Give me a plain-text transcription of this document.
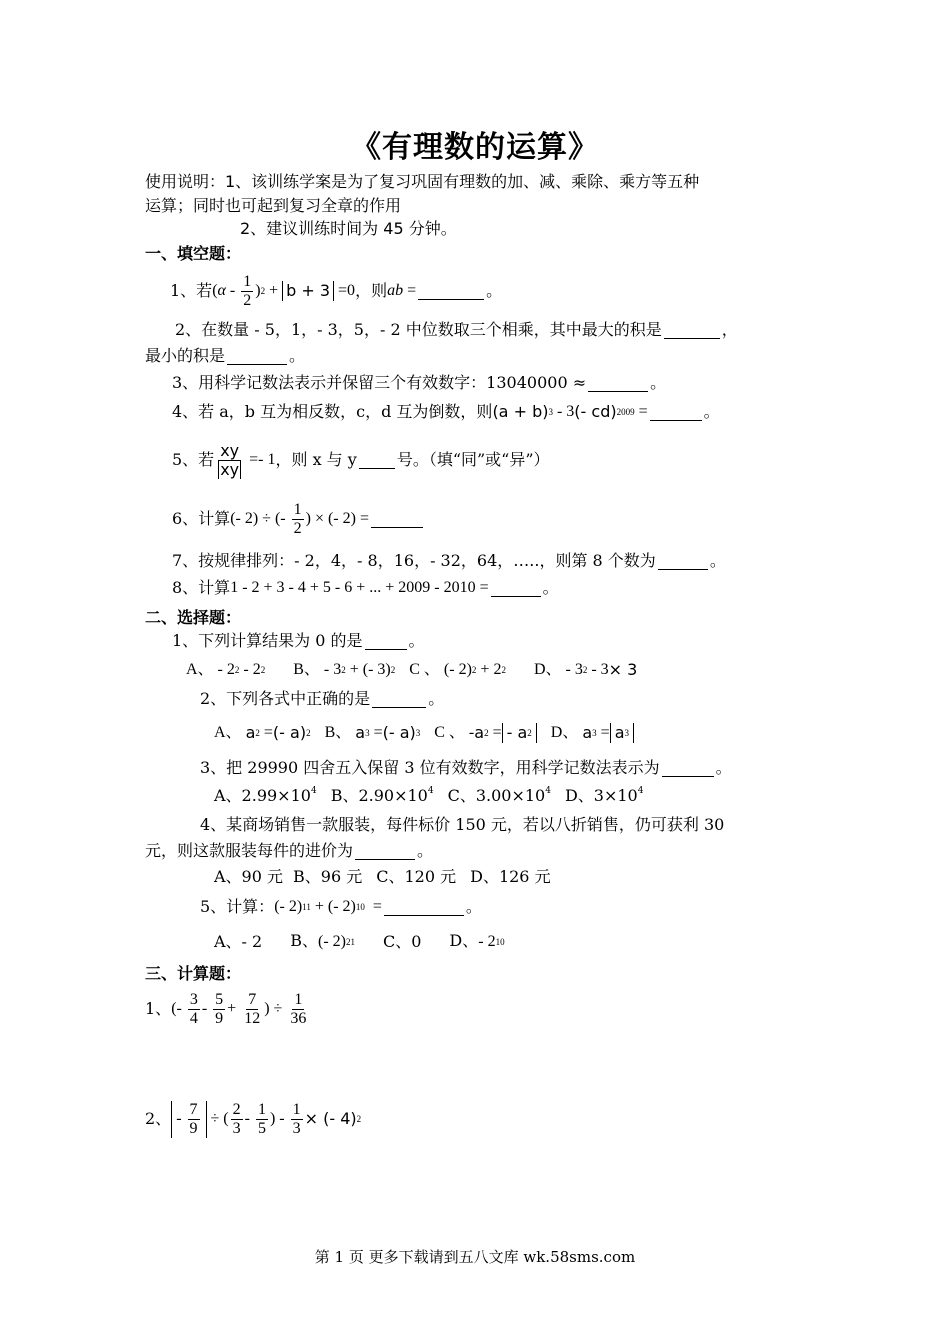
《有理数的运算》
使用说明：1、该训练学案是为了复习巩固有理数的加、减、乘除、乘方等五种
运算；同时也可起到复习全章的作用
2、建议训练时间为 45 分钟。
一、填空题：
1、若 ( α - $\frac{1}{2}$ ) 2 + b + 3 =0 ，则 ab =	。
2、在数量 - 5，1，- 3，5，- 2 中位数取三个相乘，其中最大的积是	，
最小的积是	。
3、用科学记数法表示并保留三个有效数字：13040000 ≈	。
4、若 a，b 互为相反数，c，d 互为倒数，则 (a + b) 3 - 3 (- cd) 2009 =	。
5、若 $\frac{xy}{xy} =- 1$ ，则 x 与 y	号。（填“同”或“异”）
6、计算 (- 2) ÷ (- $\frac{1}{2}$ ) × (- 2) =
7、按规律排列：- 2，4，- 8，16，- 32，64，…..，则第 8 个数为	。
8、计算 1 - 2 + 3 - 4 + 5 - 6 + ... + 2009 - 2010 =	。
二、选择题：
1、下列计算结果为 0 的是	。
A、 - 2 2 - 2 2 B、 - 3 2 + (- 3) 2 C 、 (- 2) 2 + 2 2 D、 - 3 2 - 3 × 3
2、下列各式中正确的是	。
A、 a 2 = (- a) 2 B、 a 3 = (- a) 3 C 、 - a 2 = - a 2 D、 a 3 = a 3
3、把 29990 四舍五入保留 3 位有效数字，用科学记数法表示为	。
A、$2.99\times 10^4$ B、$2.90\times 10^4$ C、$3.00\times 10^4$ D、$3\times 10^4$
4、某商场销售一款服装，每件标价 150 元，若以八折销售，仍可获利 30
元，则这款服装每件的进价为	。
A、90 元 B、96 元 C、120 元 D、126 元
5、计算： (- 2) 11 + (- 2) 10 =	。
A、- 2 B、(- 2) 21 C、0 D、- 2 10
三、计算题：
1、 (- $\frac{3}{4} - \frac{5}{9} + \frac{7}{12}$ ) ÷ $\frac{1}{36}$
2、 - $\frac{7}{9}$ ÷ ( $\frac{2}{3} - \frac{1}{5}$ ) - $\frac{1}{3}$ × (- 4) 2
第 1 页 更多下载请到五八文库 wk.58sms.com
